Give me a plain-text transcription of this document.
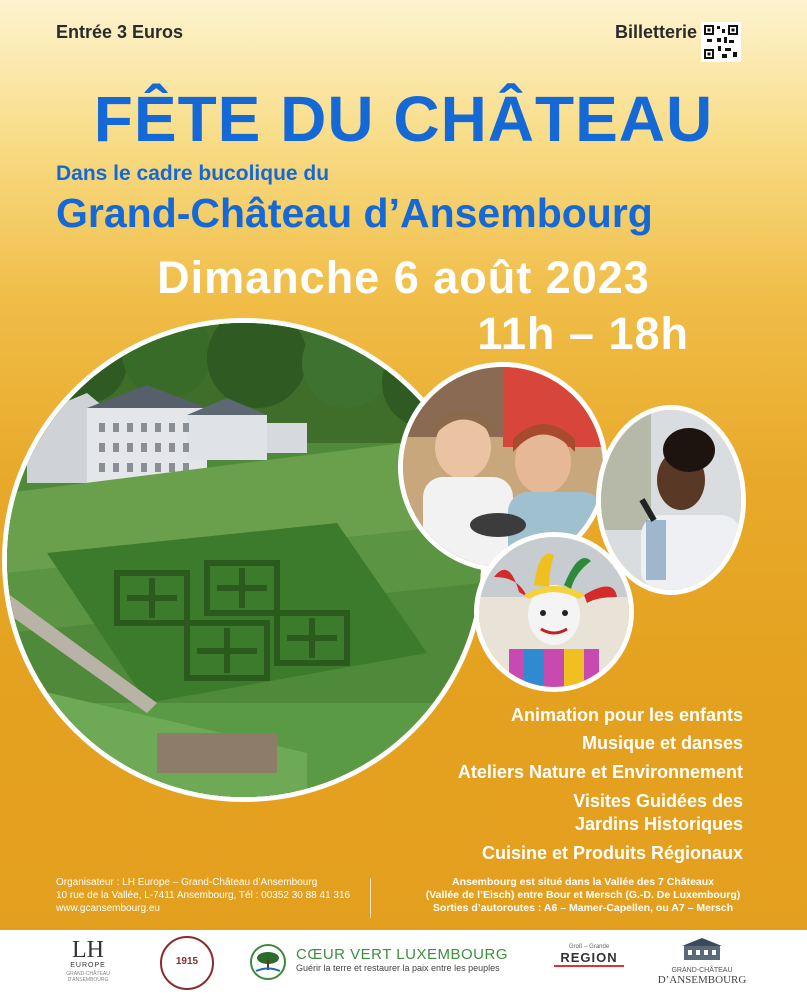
Entrée 3 Euros	Billetterie
FÊTE DU CHÂTEAU
Dans le cadre bucolique du
Grand-Château d’Ansembourg
Dimanche 6 août 2023
11h – 18h
Animation pour les enfants
Musique et danses
Ateliers Nature et Environnement
Visites Guidées des
Jardins Historiques
Cuisine et Produits Régionaux
Organisateur : LH Europe – Grand-Château d’Ansembourg
10 rue de la Vallée, L-7411 Ansembourg, Tél : 00352 30 88 41 316
www.gcansembourg.eu
Ansembourg est situé dans la Vallée des 7 Châteaux
(Vallée de l’Eisch) entre Bour et Mersch (G.-D. De Luxembourg)
Sorties d’autoroutes : A6 – Mamer-Capellen, ou A7 – Mersch
LH
EUROPE
GRAND-CHÂTEAU D’ANSEMBOURG
1915	CŒUR VERT LUXEMBOURG
Guérir la terre et restaurer la paix entre les peuples
Groß – Grande
REGION
GRAND-CHÂTEAU
D’ANSEMBOURG
